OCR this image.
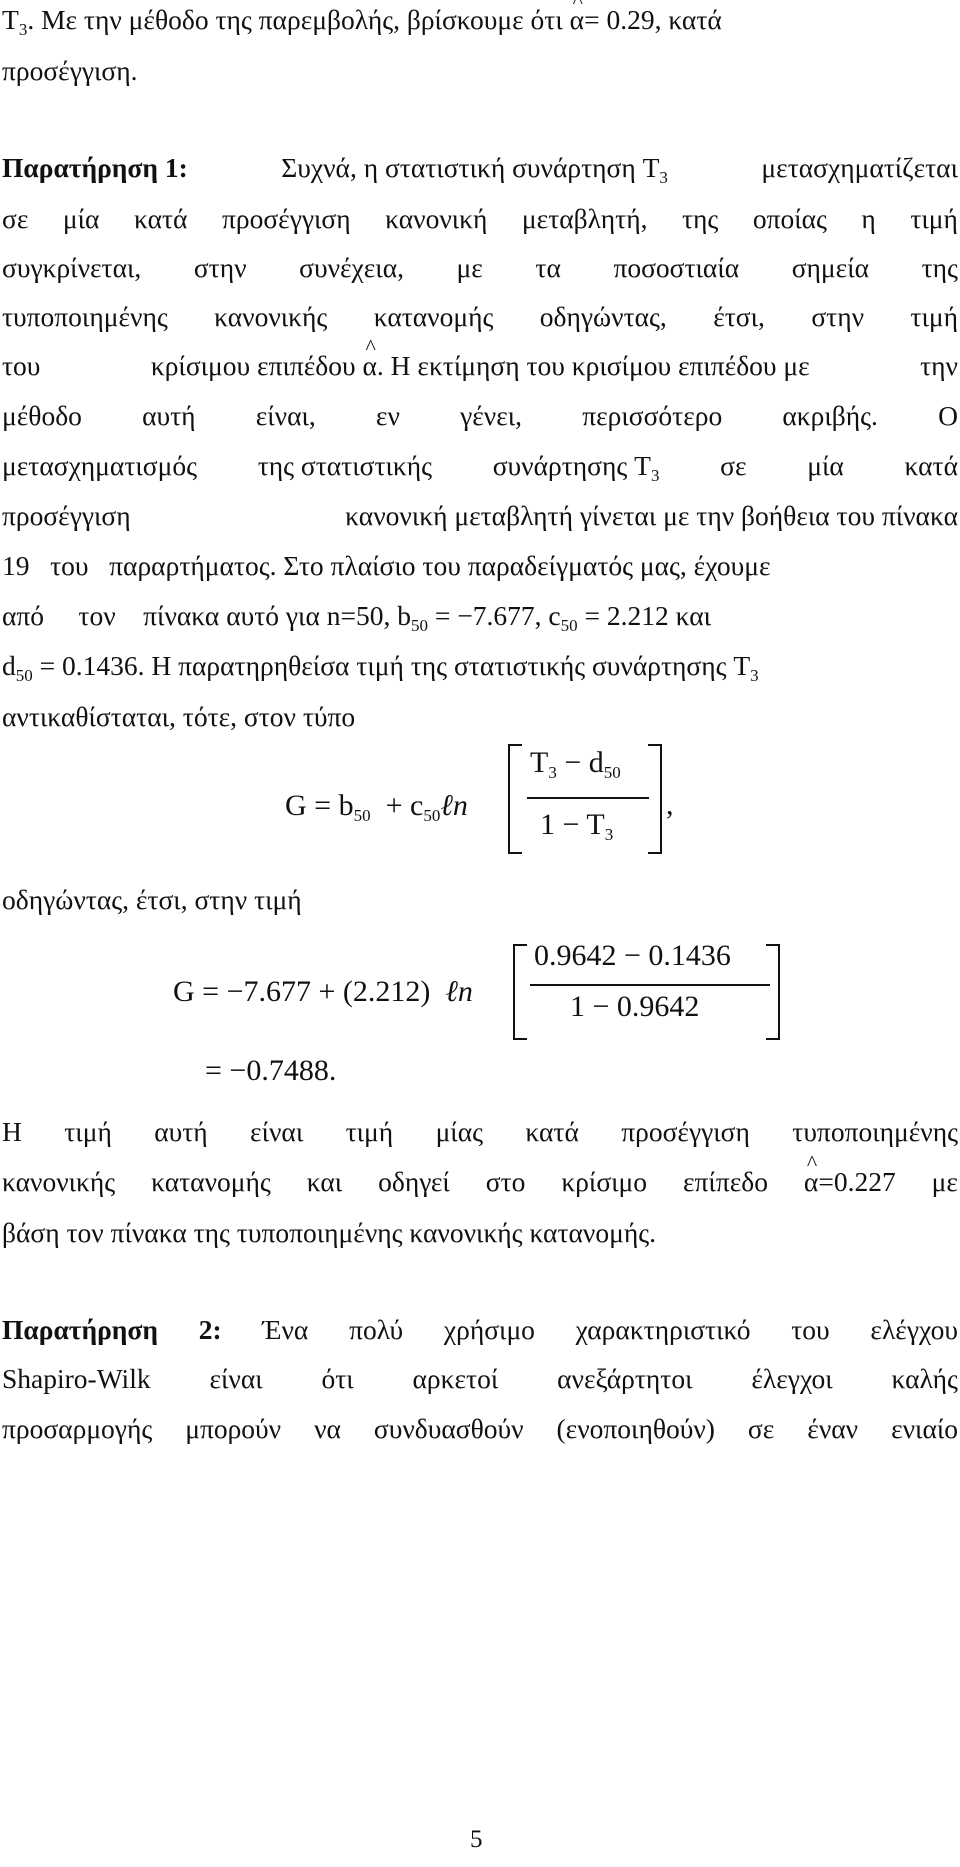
$T_3$. Με την μέθοδο της παρεμβολής, βρίσκουμε ότι ^ α= 0.29, κατά
προσέγγιση.
Παρατήρηση 1:	Συχνά, η στατιστική συνάρτηση $T_3$	μετασχηματίζεται
σε μία κατά προσέγγιση κανονική μεταβλητή, της οποίας η τιμή
συγκρίνεται, στην συνέχεια, με τα ποσοστιαία σημεία της
τυποποιημένης κανονικής κατανομής οδηγώντας, έτσι, στην τιμή
του	κρίσιμου επιπέδου ^ α. Η εκτίμηση του κρισίμου επιπέδου με	την
μέθοδο αυτή είναι, εν γένει, περισσότερο ακριβής. Ο
μετασχηματισμός της στατιστικής συνάρτησης $T_3$ σε μία κατά
προσέγγιση	κανονική μεταβλητή γίνεται με την βοήθεια του πίνακα
19 του παραρτήματος. Στο πλαίσιο του παραδείγματός μας, έχουμε
από τον πίνακα αυτό για n=50, $b_{50} = -7.677$, $c_{50} = 2.212$ και
$d_{50} = 0.1436$. Η παρατηρηθείσα τιμή της στατιστικής συνάρτησης $T_3$
αντικαθίσταται, τότε, στον τύπο
$G = b_{50}$ + $c_{50}\ell n$
$T_3 - d_{50}$
$1 - T_3$
,
οδηγώντας, έτσι, στην τιμή
G = −7.677 + (2.212) ℓn
0.9642 − 0.1436
1 − 0.9642
= −0.7488.
Η τιμή αυτή είναι τιμή μίας κατά προσέγγιση τυποποιημένης
κανονικής κατανομής και οδηγεί στο κρίσιμο επίπεδο ^ α=0.227 με
βάση τον πίνακα της τυποποιημένης κανονικής κατανομής.
Παρατήρηση 2: Ένα πολύ χρήσιμο χαρακτηριστικό του ελέγχου
Shapiro-Wilk είναι ότι αρκετοί ανεξάρτητοι έλεγχοι καλής
προσαρμογής μπορούν να συνδυασθούν (ενοποιηθούν) σε έναν ενιαίο
5
